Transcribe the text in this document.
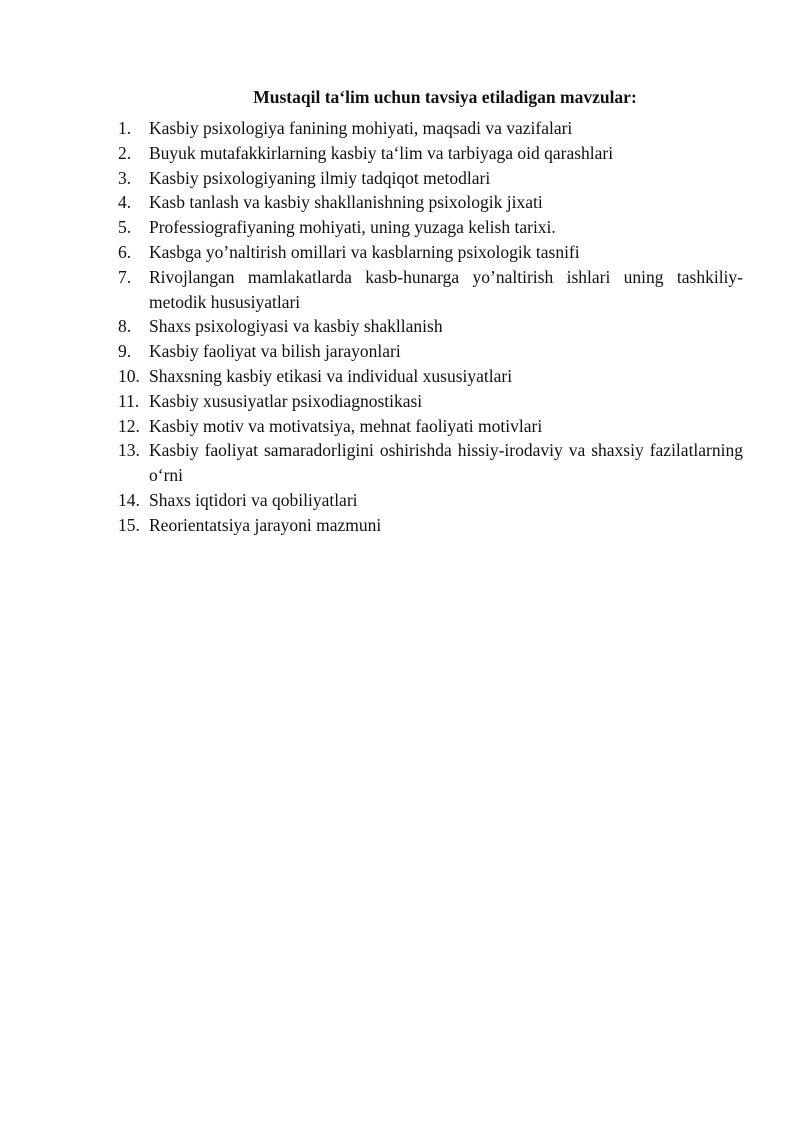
Mustaqil ta‘lim uchun tavsiya etiladigan mavzular:
1.	Kasbiy psixologiya fanining mohiyati, maqsadi va vazifalari
2.	Buyuk mutafakkirlarning kasbiy ta‘lim va tarbiyaga oid qarashlari
3.	Kasbiy psixologiyaning ilmiy tadqiqot metodlari
4.	Kasb tanlash va kasbiy shakllanishning psixologik jixati
5.	Professiografiyaning mohiyati, uning yuzaga kelish tarixi.
6.	Kasbga yo’naltirish omillari va kasblarning psixologik tasnifi
7.	Rivojlangan mamlakatlarda kasb-hunarga yo’naltirish ishlari uning tashkiliy-metodik hususiyatlari
8.	Shaxs psixologiyasi va kasbiy shakllanish
9.	Kasbiy faoliyat va bilish jarayonlari
10. Shaxsning kasbiy etikasi va individual xususiyatlari
11. Kasbiy xususiyatlar psixodiagnostikasi
12. Kasbiy motiv va motivatsiya, mehnat faoliyati motivlari
13. Kasbiy faoliyat samaradorligini oshirishda hissiy-irodaviy va shaxsiy fazilatlarning o‘rni
14. Shaxs iqtidori va qobiliyatlari
15. Reorientatsiya jarayoni mazmuni
